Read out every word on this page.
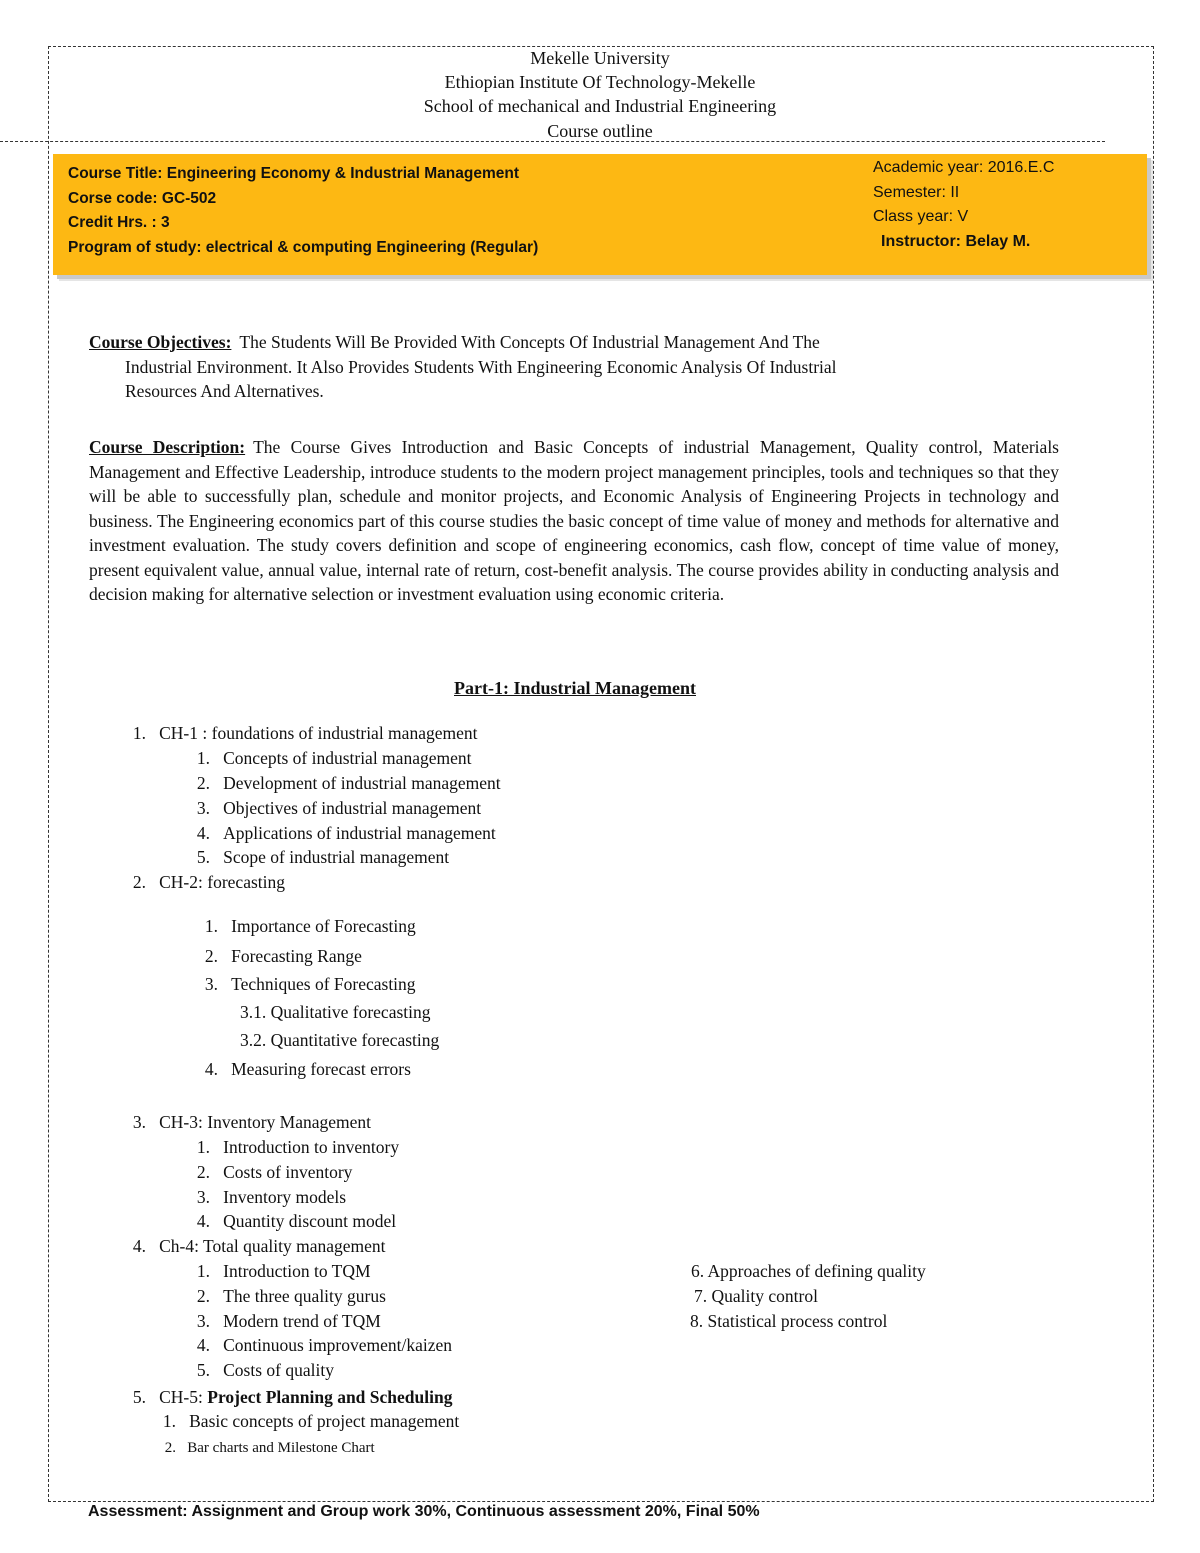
Mekelle University
Ethiopian Institute Of Technology-Mekelle
School of mechanical and Industrial Engineering
Course outline
Course Title: Engineering Economy & Industrial Management
Corse code: GC-502
Credit Hrs. : 3
Program of study: electrical & computing Engineering (Regular)
Academic year: 2016.E.C
Semester: II
Class year: V
Instructor: Belay M.
Course Objectives: The Students Will Be Provided With Concepts Of Industrial Management And The
Industrial Environment. It Also Provides Students With Engineering Economic Analysis Of Industrial
Resources And Alternatives.
Course Description: The Course Gives Introduction and Basic Concepts of industrial Management, Quality control, Materials Management and Effective Leadership, introduce students to the modern project management principles, tools and techniques so that they will be able to successfully plan, schedule and monitor projects, and Economic Analysis of Engineering Projects in technology and business. The Engineering economics part of this course studies the basic concept of time value of money and methods for alternative and investment evaluation. The study covers definition and scope of engineering economics, cash flow, concept of time value of money, present equivalent value, annual value, internal rate of return, cost-benefit analysis. The course provides ability in conducting analysis and decision making for alternative selection or investment evaluation using economic criteria.
Part-1: Industrial Management
1. CH-1 : foundations of industrial management
1. Concepts of industrial management
2. Development of industrial management
3. Objectives of industrial management
4. Applications of industrial management
5. Scope of industrial management
2. CH-2: forecasting
1. Importance of Forecasting
2. Forecasting Range
3. Techniques of Forecasting
3.1. Qualitative forecasting
3.2. Quantitative forecasting
4. Measuring forecast errors
3. CH-3: Inventory Management
1. Introduction to inventory
2. Costs of inventory
3. Inventory models
4. Quantity discount model
4. Ch-4: Total quality management
1. Introduction to TQM
2. The three quality gurus
3. Modern trend of TQM
4. Continuous improvement/kaizen
5. Costs of quality
6. Approaches of defining quality
7. Quality control
8. Statistical process control
5. CH-5: Project Planning and Scheduling
1. Basic concepts of project management
2. Bar charts and Milestone Chart
Assessment: Assignment and Group work 30%, Continuous assessment 20%, Final 50%
